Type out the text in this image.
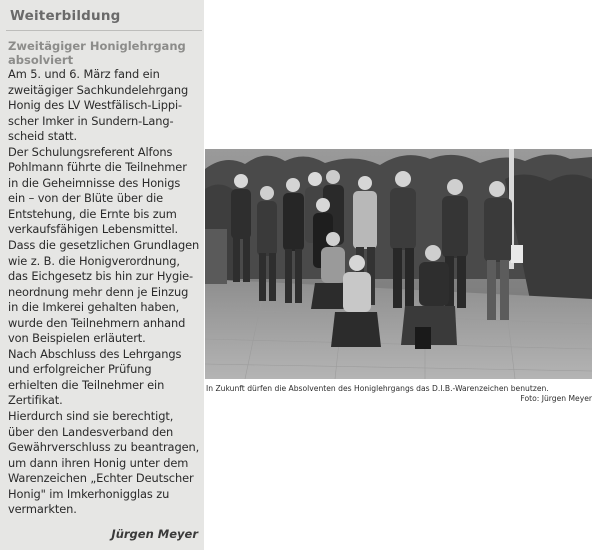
Weiterbildung
Zweitägiger Honiglehrgang
absolviert
Am 5. und 6. März fand ein
zweitägiger Sachkundelehrgang
Honig des LV Westfälisch-Lippi-
scher Imker in Sundern-Lang-
scheid statt.
Der Schulungsreferent Alfons
Pohlmann führte die Teilnehmer
in die Geheimnisse des Honigs
ein – von der Blüte über die
Entstehung, die Ernte bis zum
verkaufsfähigen Lebensmittel.
Dass die gesetzlichen Grundlagen
wie z. B. die Honigverordnung,
das Eichgesetz bis hin zur Hygie-
neordnung mehr denn je Einzug
in die Imkerei gehalten haben,
wurde den Teilnehmern anhand
von Beispielen erläutert.
Nach Abschluss des Lehrgangs
und erfolgreicher Prüfung
erhielten die Teilnehmer ein
Zertifikat.
Hierdurch sind sie berechtigt,
über den Landesverband den
Gewährverschluss zu beantragen,
um dann ihren Honig unter dem
Warenzeichen „Echter Deutscher
Honig" im Imkerhonigglas zu
vermarkten.
Jürgen Meyer
In Zukunft dürfen die Absolventen des Honiglehrgangs das D.I.B.-Warenzeichen benutzen.
Foto: Jürgen Meyer
